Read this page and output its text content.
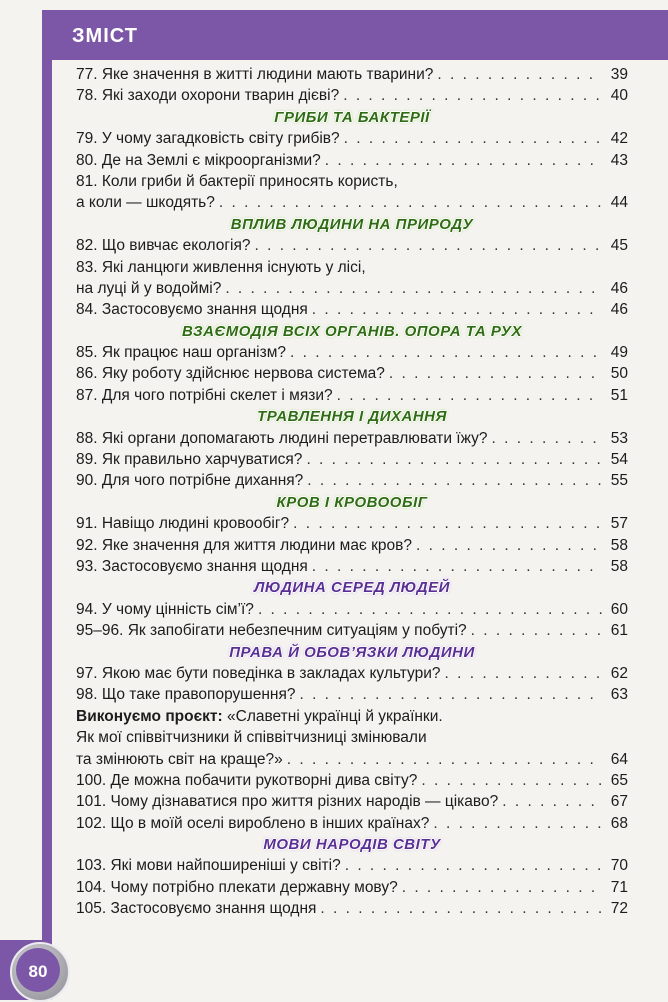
ЗМІСТ
77. Яке значення в житті людини мають тварини? . . .	39
78. Які заходи охорони тварин дієві? . . .	40
ГРИБИ ТА БАКТЕРІЇ
79. У чому загадковість світу грибів? . . .	42
80. Де на Землі є мікроорганізми? . . .	43
81. Коли гриби й бактерії приносять користь,
а коли — шкодять? . . .	44
ВПЛИВ ЛЮДИНИ НА ПРИРОДУ
82. Що вивчає екологія? . . .	45
83. Які ланцюги живлення існують у лісі,
на луці й у водоймі? . . .	46
84. Застосовуємо знання щодня . . .	46
ВЗАЄМОДІЯ ВСІХ ОРГАНІВ. ОПОРА ТА РУХ
85. Як працює наш організм? . . .	49
86. Яку роботу здійснює нервова система? . . .	50
87. Для чого потрібні скелет і мязи? . . .	51
ТРАВЛЕННЯ І ДИХАННЯ
88. Які органи допомагають людині перетравлювати їжу? . . .	53
89. Як правильно харчуватися? . . .	54
90. Для чого потрібне дихання? . . .	55
КРОВ І КРОВООБІГ
91. Навіщо людині кровообіг? . . .	57
92. Яке значення для життя людини має кров? . . .	58
93. Застосовуємо знання щодня . . .	58
ЛЮДИНА СЕРЕД ЛЮДЕЙ
94. У чому цінність сім’ї? . . .	60
95–96. Як запобігати небезпечним ситуаціям у побуті? . . .	61
ПРАВА Й ОБОВ’ЯЗКИ ЛЮДИНИ
97. Якою має бути поведінка в закладах культури? . . .	62
98. Що таке правопорушення? . . .	63
Виконуємо проєкт: «Славетні українці й українки.
Як мої співвітчизники й співвітчизниці змінювали
та змінюють світ на краще?» . . .	64
100. Де можна побачити рукотворні дива світу? . . .	65
101. Чому дізнаватися про життя різних народів — цікаво? . . .	67
102. Що в моїй оселі вироблено в інших країнах? . . .	68
МОВИ НАРОДІВ СВІТУ
103. Які мови найпоширеніші у світі? . . .	70
104. Чому потрібно плекати державну мову? . . .	71
105. Застосовуємо знання щодня . . .	72
80
